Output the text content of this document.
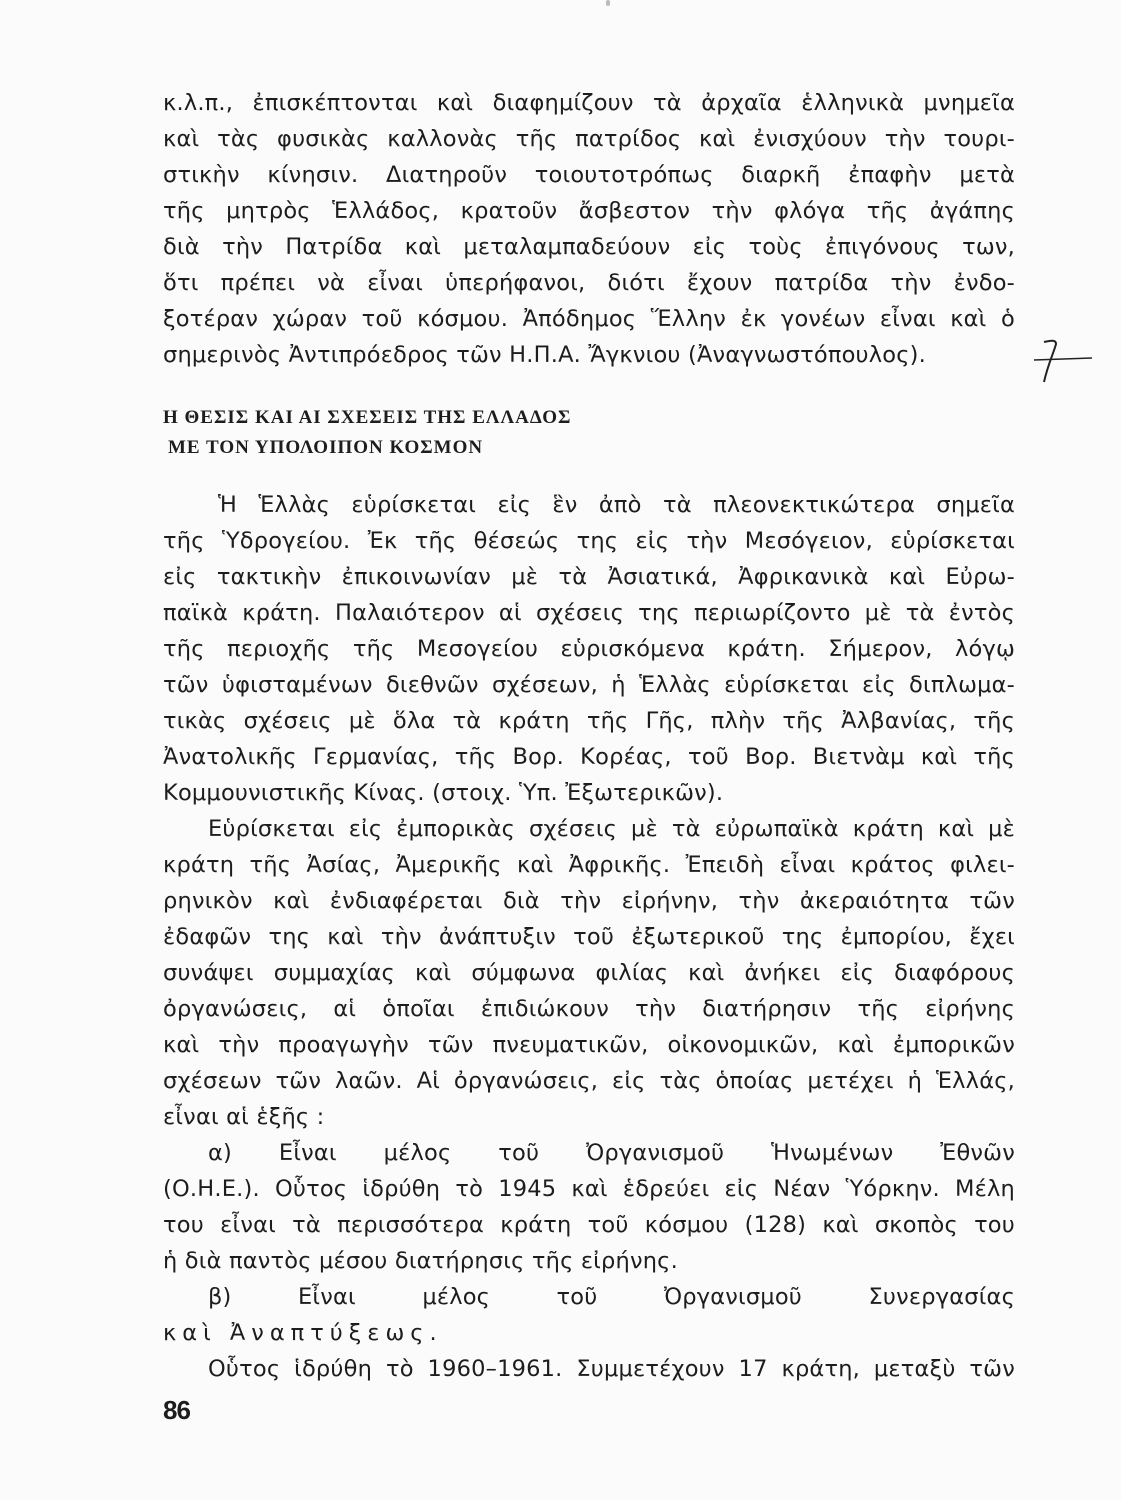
κ.λ.π., ἐπισκέπτονται καὶ διαφημίζουν τὰ ἀρχαῖα ἑλληνικὰ μνημεῖα
καὶ τὰς φυσικὰς καλλονὰς τῆς πατρίδος καὶ ἐνισχύουν τὴν τουρι-
στικὴν κίνησιν. Διατηροῦν τοιουτοτρόπως διαρκῆ ἐπαφὴν μετὰ
τῆς μητρὸς Ἑλλάδος, κρατοῦν ἄσβεστον τὴν φλόγα τῆς ἀγάπης
διὰ τὴν Πατρίδα καὶ μεταλαμπαδεύουν εἰς τοὺς ἐπιγόνους των,
ὅτι πρέπει νὰ εἶναι ὑπερήφανοι, διότι ἔχουν πατρίδα τὴν ἐνδο-
ξοτέραν χώραν τοῦ κόσμου. Ἀπόδημος Ἕλλην ἐκ γονέων εἶναι καὶ ὁ
σημερινὸς Ἀντιπρόεδρος τῶν Η.Π.Α. Ἄγκνιου (Ἀναγνωστόπουλος).
Η ΘΕΣΙΣ ΚΑΙ ΑΙ ΣΧΕΣΕΙΣ ΤΗΣ ΕΛΛΑΔΟΣ
ΜΕ ΤΟΝ ΥΠΟΛΟΙΠΟΝ ΚΟΣΜΟΝ
Ἡ Ἑλλὰς εὑρίσκεται εἰς ἓν ἀπὸ τὰ πλεονεκτικώτερα σημεῖα
τῆς Ὑδρογείου. Ἐκ τῆς θέσεώς της εἰς τὴν Μεσόγειον, εὑρίσκεται
εἰς τακτικὴν ἐπικοινωνίαν μὲ τὰ Ἀσιατικά, Ἀφρικανικὰ καὶ Εὐρω-
παϊκὰ κράτη. Παλαιότερον αἱ σχέσεις της περιωρίζοντο μὲ τὰ ἐντὸς
τῆς περιοχῆς τῆς Μεσογείου εὑρισκόμενα κράτη. Σήμερον, λόγῳ
τῶν ὑφισταμένων διεθνῶν σχέσεων, ἡ Ἑλλὰς εὑρίσκεται εἰς διπλωμα-
τικὰς σχέσεις μὲ ὅλα τὰ κράτη τῆς Γῆς, πλὴν τῆς Ἀλβανίας, τῆς
Ἀνατολικῆς Γερμανίας, τῆς Βορ. Κορέας, τοῦ Βορ. Βιετνὰμ καὶ τῆς
Κομμουνιστικῆς Κίνας. (στοιχ. Ὑπ. Ἐξωτερικῶν).
Εὑρίσκεται εἰς ἐμπορικὰς σχέσεις μὲ τὰ εὐρωπαϊκὰ κράτη καὶ μὲ
κράτη τῆς Ἀσίας, Ἀμερικῆς καὶ Ἀφρικῆς. Ἐπειδὴ εἶναι κράτος φιλει-
ρηνικὸν καὶ ἐνδιαφέρεται διὰ τὴν εἰρήνην, τὴν ἀκεραιότητα τῶν
ἐδαφῶν της καὶ τὴν ἀνάπτυξιν τοῦ ἐξωτερικοῦ της ἐμπορίου, ἔχει
συνάψει συμμαχίας καὶ σύμφωνα φιλίας καὶ ἀνήκει εἰς διαφόρους
ὀργανώσεις, αἱ ὁποῖαι ἐπιδιώκουν τὴν διατήρησιν τῆς εἰρήνης
καὶ τὴν προαγωγὴν τῶν πνευματικῶν, οἰκονομικῶν, καὶ ἐμπορικῶν
σχέσεων τῶν λαῶν. Αἱ ὀργανώσεις, εἰς τὰς ὁποίας μετέχει ἡ Ἑλλάς,
εἶναι αἱ ἑξῆς :
α) Εἶναι μέλος τοῦ Ὀργανισμοῦ Ἡνωμένων Ἐθνῶν
(Ο.Η.Ε.). Οὗτος ἱδρύθη τὸ 1945 καὶ ἑδρεύει εἰς Νέαν Ὑόρκην. Μέλη
του εἶναι τὰ περισσότερα κράτη τοῦ κόσμου (128) καὶ σκοπὸς του
ἡ διὰ παντὸς μέσου διατήρησις τῆς εἰρήνης.
β) Εἶναι μέλος τοῦ Ὀργανισμοῦ Συνεργασίας
καὶ Ἀναπτύξεως.
Οὗτος ἱδρύθη τὸ 1960–1961. Συμμετέχουν 17 κράτη, μεταξὺ τῶν
86
